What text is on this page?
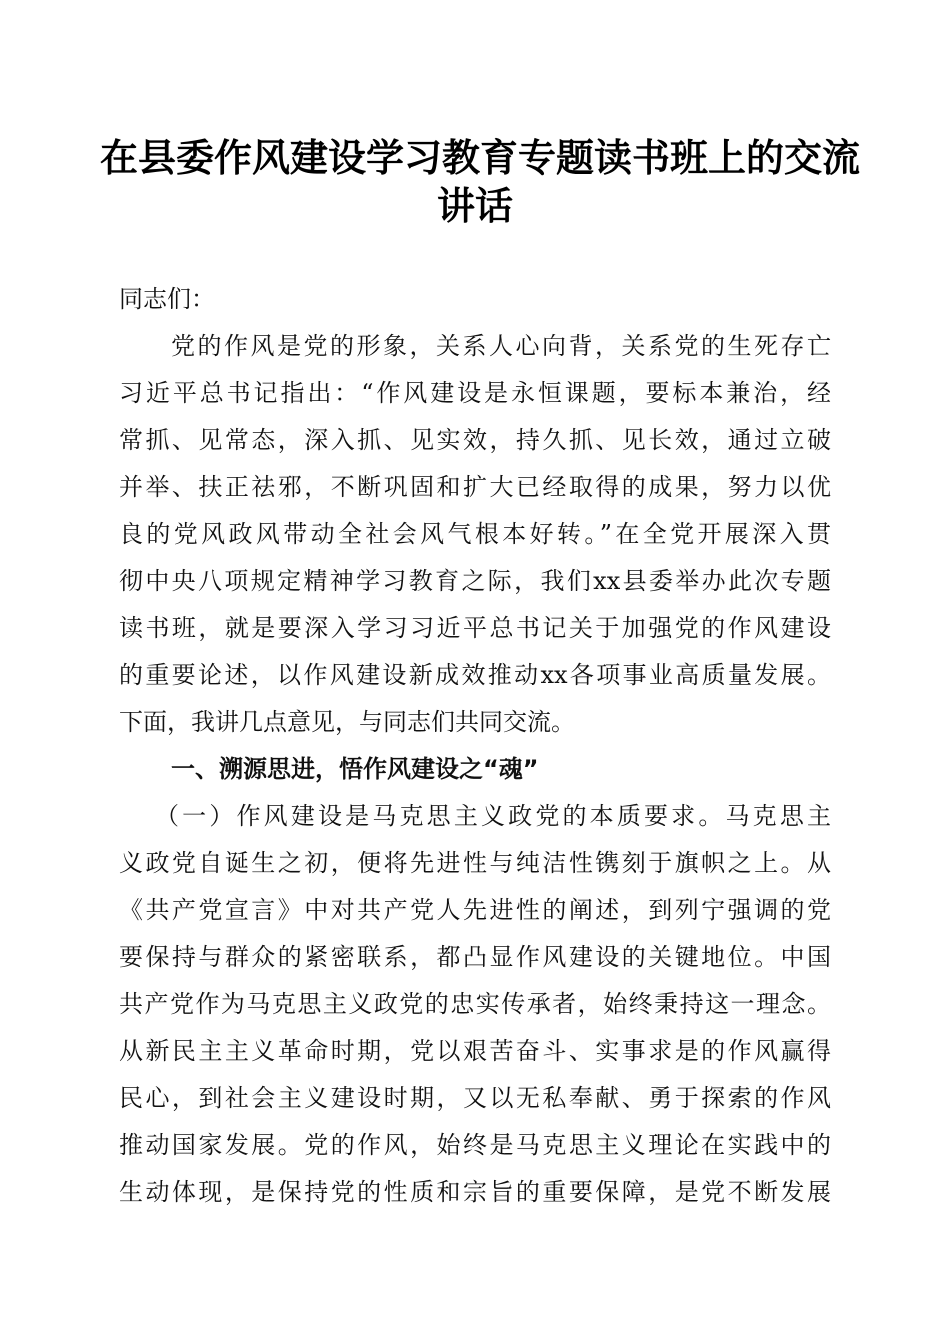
在县委作风建设学习教育专题读书班上的交流
讲话
同志们：
党的作风是党的形象，关系人心向背，关系党的生死存亡
习近平总书记指出：“作风建设是永恒课题，要标本兼治，经
常抓、见常态，深入抓、见实效，持久抓、见长效，通过立破
并举、扶正祛邪，不断巩固和扩大已经取得的成果，努力以优
良的党风政风带动全社会风气根本好转。”在全党开展深入贯
彻中央八项规定精神学习教育之际，我们xx县委举办此次专题
读书班，就是要深入学习习近平总书记关于加强党的作风建设
的重要论述，以作风建设新成效推动xx各项事业高质量发展。
下面，我讲几点意见，与同志们共同交流。
一、溯源思进，悟作风建设之“魂”
（一）作风建设是马克思主义政党的本质要求。马克思主
义政党自诞生之初，便将先进性与纯洁性镌刻于旗帜之上。从
《共产党宣言》中对共产党人先进性的阐述，到列宁强调的党
要保持与群众的紧密联系，都凸显作风建设的关键地位。中国
共产党作为马克思主义政党的忠实传承者，始终秉持这一理念。
从新民主主义革命时期，党以艰苦奋斗、实事求是的作风赢得
民心，到社会主义建设时期，又以无私奉献、勇于探索的作风
推动国家发展。党的作风，始终是马克思主义理论在实践中的
生动体现，是保持党的性质和宗旨的重要保障，是党不断发展
